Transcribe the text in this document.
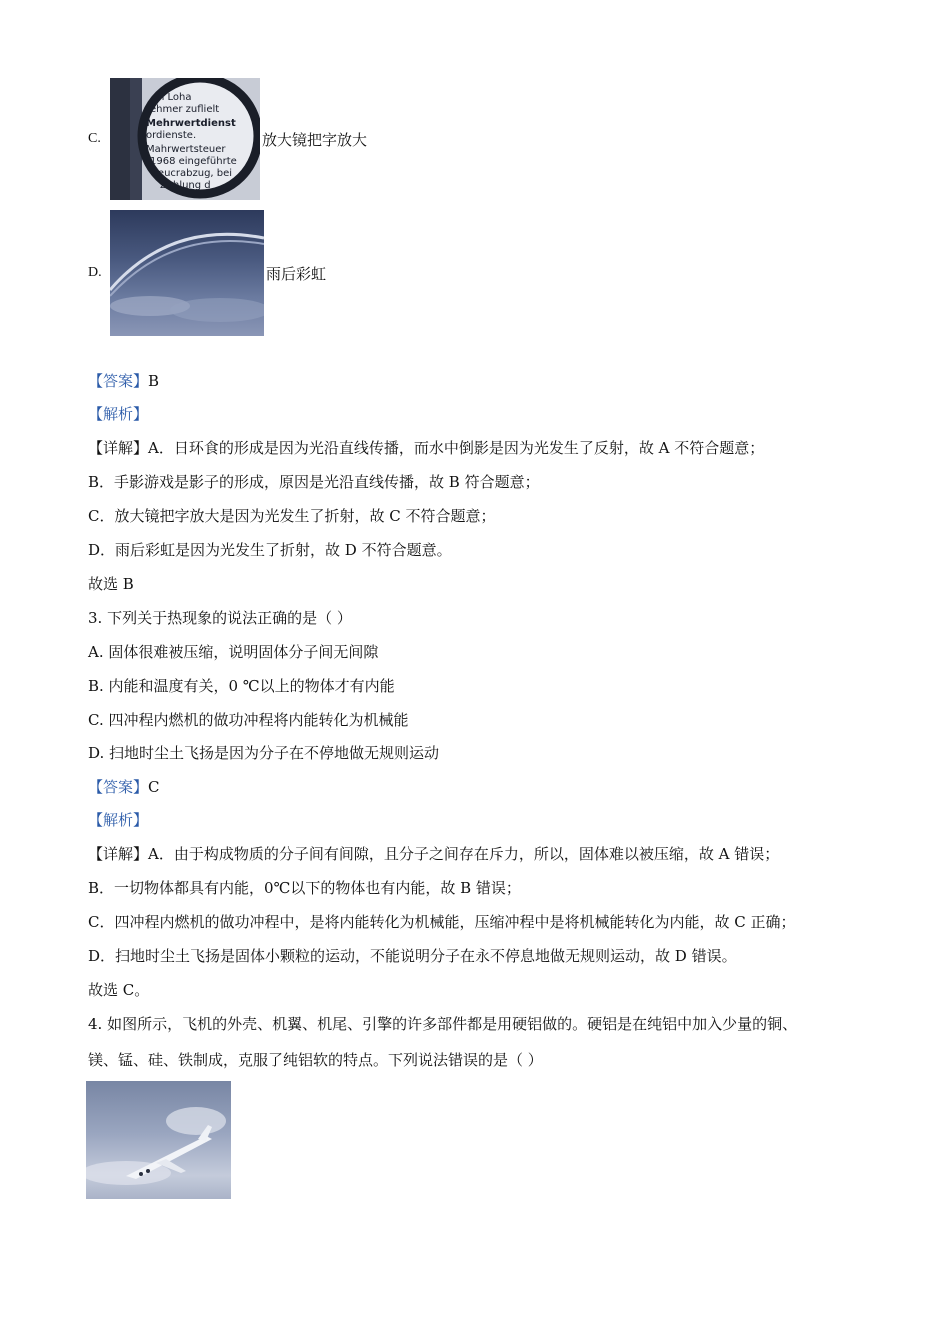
C.
n Loha
ehmer zuflielt
Mehrwertdienst
ordienste.
Mahrwertsteuer
1968 eingeführte
teucrabzug, bei
Zahlung d
放大镜把字放大
D.	雨后彩虹
【答案】B
【解析】
【详解】A．日环食的形成是因为光沿直线传播，而水中倒影是因为光发生了反射，故 A 不符合题意；
B．手影游戏是影子的形成，原因是光沿直线传播，故 B 符合题意；
C．放大镜把字放大是因为光发生了折射，故 C 不符合题意；
D．雨后彩虹是因为光发生了折射，故 D 不符合题意。
故选 B
3. 下列关于热现象的说法正确的是（ ）
A. 固体很难被压缩，说明固体分子间无间隙
B. 内能和温度有关，0 ℃以上的物体才有内能
C. 四冲程内燃机的做功冲程将内能转化为机械能
D. 扫地时尘土飞扬是因为分子在不停地做无规则运动
【答案】C
【解析】
【详解】A．由于构成物质的分子间有间隙，且分子之间存在斥力，所以，固体难以被压缩，故 A 错误；
B．一切物体都具有内能，0℃以下的物体也有内能，故 B 错误；
C．四冲程内燃机的做功冲程中，是将内能转化为机械能，压缩冲程中是将机械能转化为内能，故 C 正确；
D．扫地时尘土飞扬是固体小颗粒的运动，不能说明分子在永不停息地做无规则运动，故 D 错误。
故选 C。
4. 如图所示，飞机的外壳、机翼、机尾、引擎的许多部件都是用硬铝做的。硬铝是在纯铝中加入少量的铜、
镁、锰、硅、铁制成，克服了纯铝软的特点。下列说法错误的是（ ）
